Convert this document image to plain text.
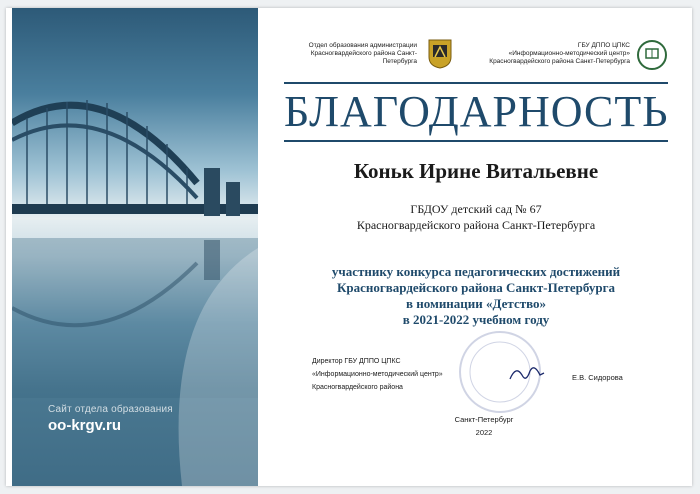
Сайт отдела образования
oo-krgv.ru
Отдел образования администрации
Красногвардейского района Санкт-Петербурга
ГБУ ДППО ЦПКС
«Информационно-методический центр»
Красногвардейского района Санкт-Петербурга
БЛАГОДАРНОСТЬ
Коньк Ирине Витальевне
ГБДОУ детский сад № 67
Красногвардейского района Санкт-Петербурга
участнику конкурса педагогических достижений
Красногвардейского района Санкт-Петербурга
в номинации «Детство»
в 2021-2022 учебном году
Директор ГБУ ДППО ЦПКС
«Информационно-методический центр»
Красногвардейского района
Е.В. Сидорова
Санкт-Петербург
2022
